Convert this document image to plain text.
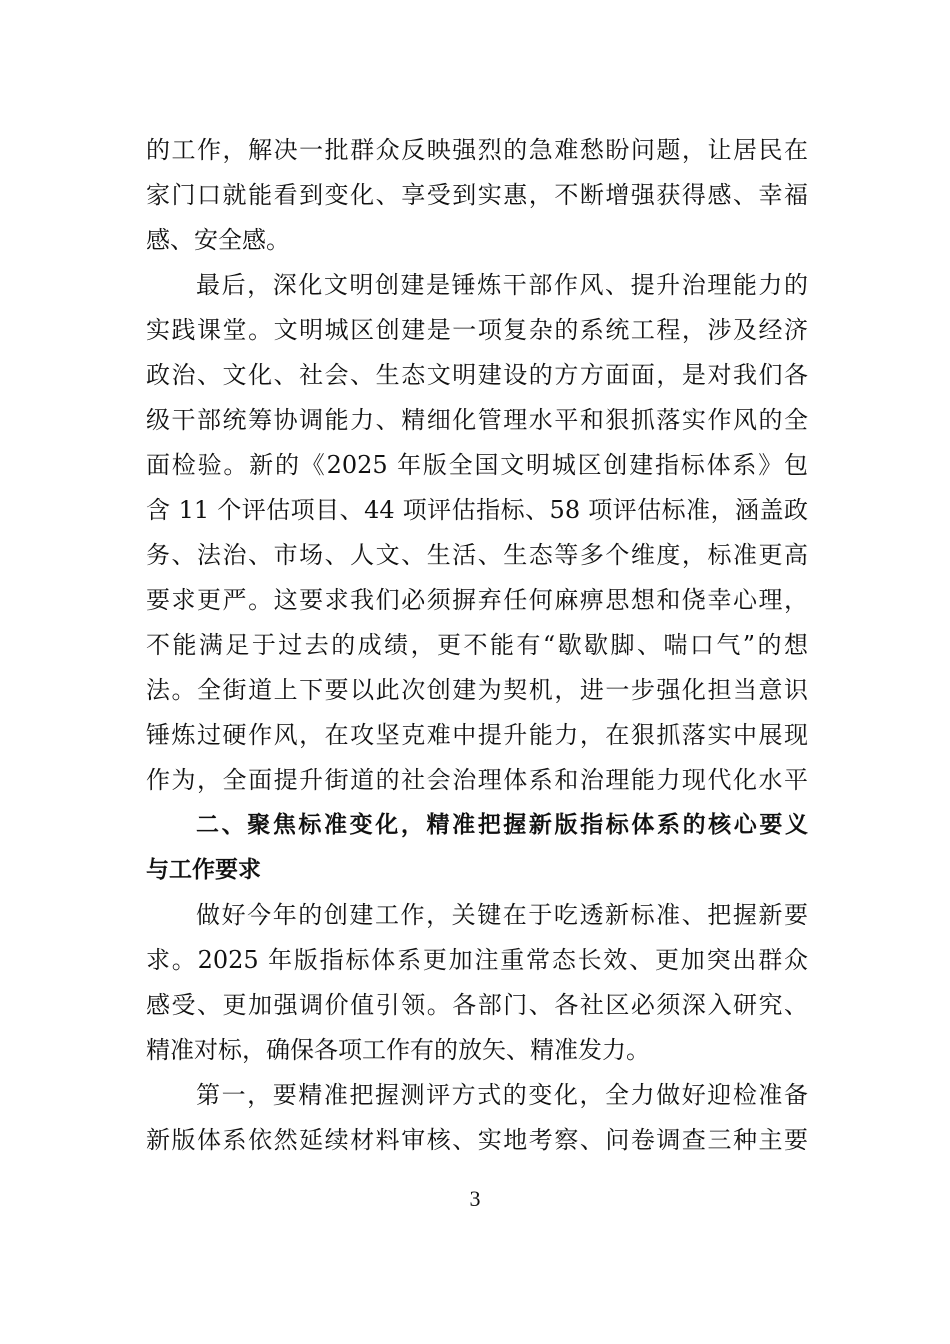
的工作，解决一批群众反映强烈的急难愁盼问题，让居民在
家门口就能看到变化、享受到实惠，不断增强获得感、幸福
感、安全感。
最后，深化文明创建是锤炼干部作风、提升治理能力的
实践课堂。文明城区创建是一项复杂的系统工程，涉及经济
政治、文化、社会、生态文明建设的方方面面，是对我们各
级干部统筹协调能力、精细化管理水平和狠抓落实作风的全
面检验。新的《2025 年版全国文明城区创建指标体系》包
含 11 个评估项目、44 项评估指标、58 项评估标准，涵盖政
务、法治、市场、人文、生活、生态等多个维度，标准更高
要求更严。这要求我们必须摒弃任何麻痹思想和侥幸心理，
不能满足于过去的成绩，更不能有“歇歇脚、喘口气”的想
法。全街道上下要以此次创建为契机，进一步强化担当意识
锤炼过硬作风，在攻坚克难中提升能力，在狠抓落实中展现
作为，全面提升街道的社会治理体系和治理能力现代化水平
二、聚焦标准变化，精准把握新版指标体系的核心要义
与工作要求
做好今年的创建工作，关键在于吃透新标准、把握新要
求。2025 年版指标体系更加注重常态长效、更加突出群众
感受、更加强调价值引领。各部门、各社区必须深入研究、
精准对标，确保各项工作有的放矢、精准发力。
第一，要精准把握测评方式的变化，全力做好迎检准备
新版体系依然延续材料审核、实地考察、问卷调查三种主要
3
